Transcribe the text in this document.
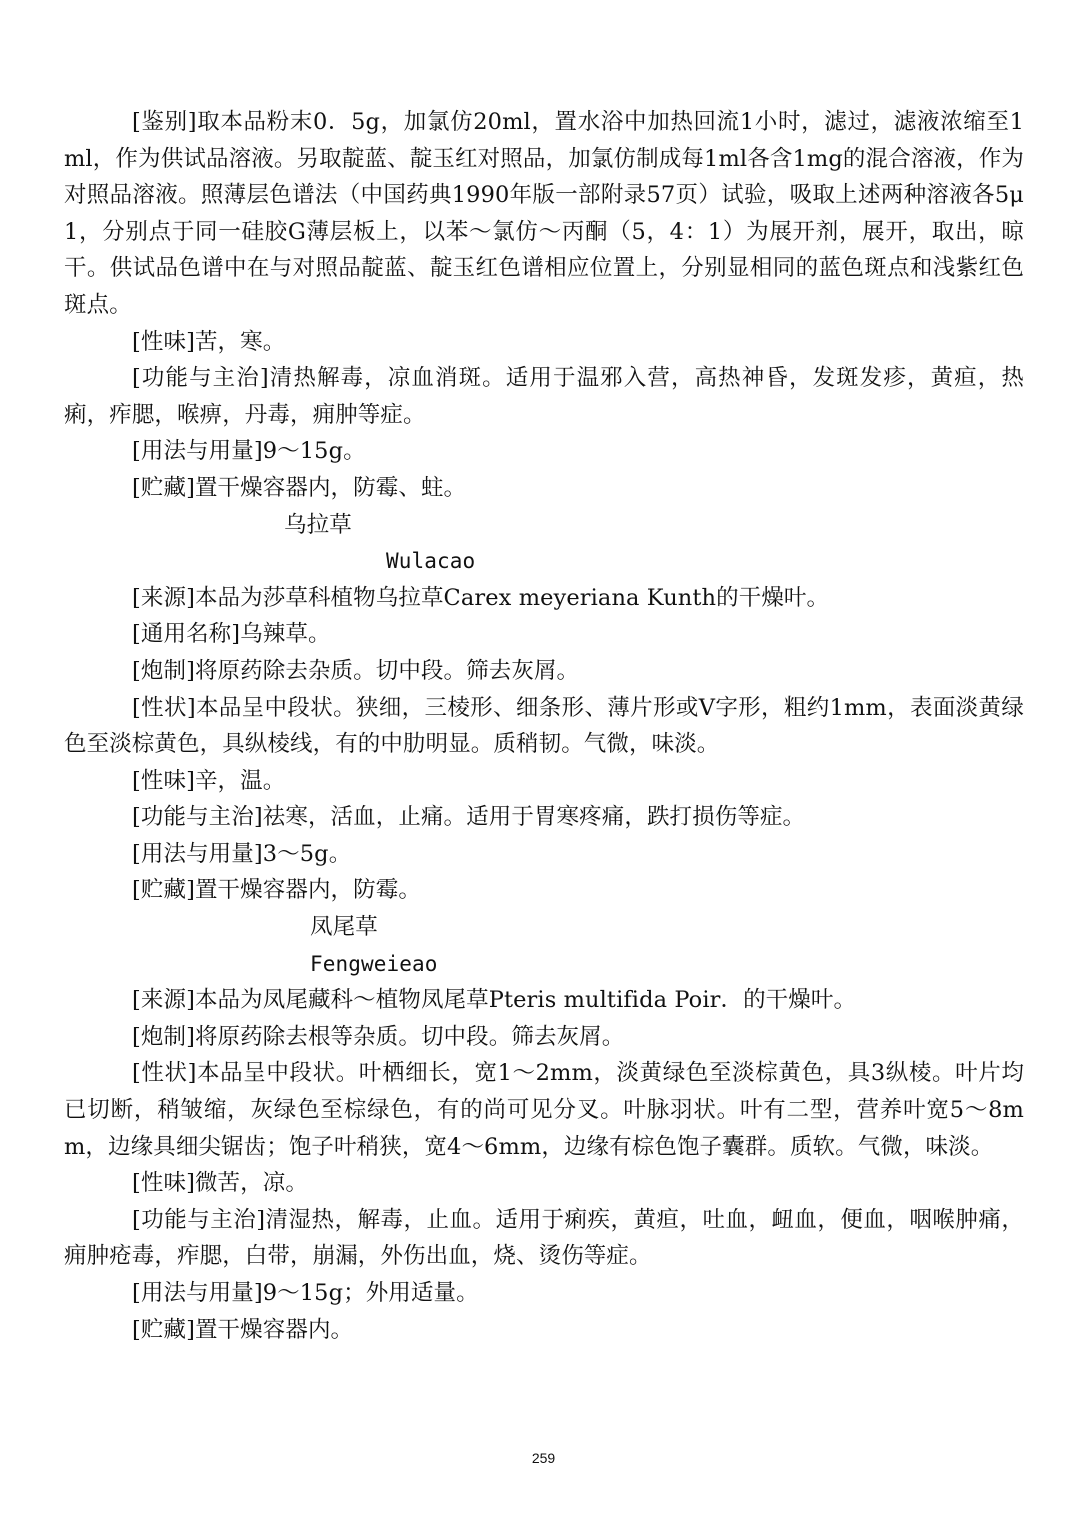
[鉴别]取本品粉末0．5g，加氯仿20ml，置水浴中加热回流1小时，滤过，滤液浓缩至1ml，作为供试品溶液。另取靛蓝、靛玉红对照品，加氯仿制成每1ml各含1mg的混合溶液，作为对照品溶液。照薄层色谱法（中国药典1990年版一部附录57页）试验，吸取上述两种溶液各5μ 1，分别点于同一硅胶G薄层板上，以苯～氯仿～丙酮（5，4：1）为展开剂，展开，取出，晾干。供试品色谱中在与对照品靛蓝、靛玉红色谱相应位置上，分别显相同的蓝色斑点和浅紫红色斑点。

[性味]苦，寒。

[功能与主治]清热解毒，凉血消斑。适用于温邪入营，高热神昏，发斑发疹，黄疸，热痢，痄腮，喉痹，丹毒，痈肿等症。

[用法与用量]9～15g。

[贮藏]置干燥容器内，防霉、蛀。

乌拉草

Wulacao

[来源]本品为莎草科植物乌拉草Carex meyeriana Kunth的干燥叶。

[通用名称]乌辣草。

[炮制]将原药除去杂质。切中段。筛去灰屑。

[性状]本品呈中段状。狭细，三棱形、细条形、薄片形或V字形，粗约1mm，表面淡黄绿色至淡棕黄色，具纵棱线，有的中肋明显。质稍韧。气微，味淡。

[性味]辛，温。

[功能与主治]祛寒，活血，止痛。适用于胃寒疼痛，跌打损伤等症。

[用法与用量]3～5g。

[贮藏]置干燥容器内，防霉。

凤尾草

Fengweieao

[来源]本品为凤尾藏科～植物凤尾草Pteris multifida Poir．的干燥叶。

[炮制]将原药除去根等杂质。切中段。筛去灰屑。

[性状]本品呈中段状。叶栖细长，宽1～2mm，淡黄绿色至淡棕黄色，具3纵棱。叶片均已切断，稍皱缩，灰绿色至棕绿色，有的尚可见分叉。叶脉羽状。叶有二型，营养叶宽5～8mm，边缘具细尖锯齿；饱子叶稍狭，宽4～6mm，边缘有棕色饱子囊群。质软。气微，味淡。

[性味]微苦，凉。

[功能与主治]清湿热，解毒，止血。适用于痢疾，黄疸，吐血，衄血，便血，咽喉肿痛，痈肿疮毒，痄腮，白带，崩漏，外伤出血，烧、烫伤等症。

[用法与用量]9～15g；外用适量。

[贮藏]置干燥容器内。

259
